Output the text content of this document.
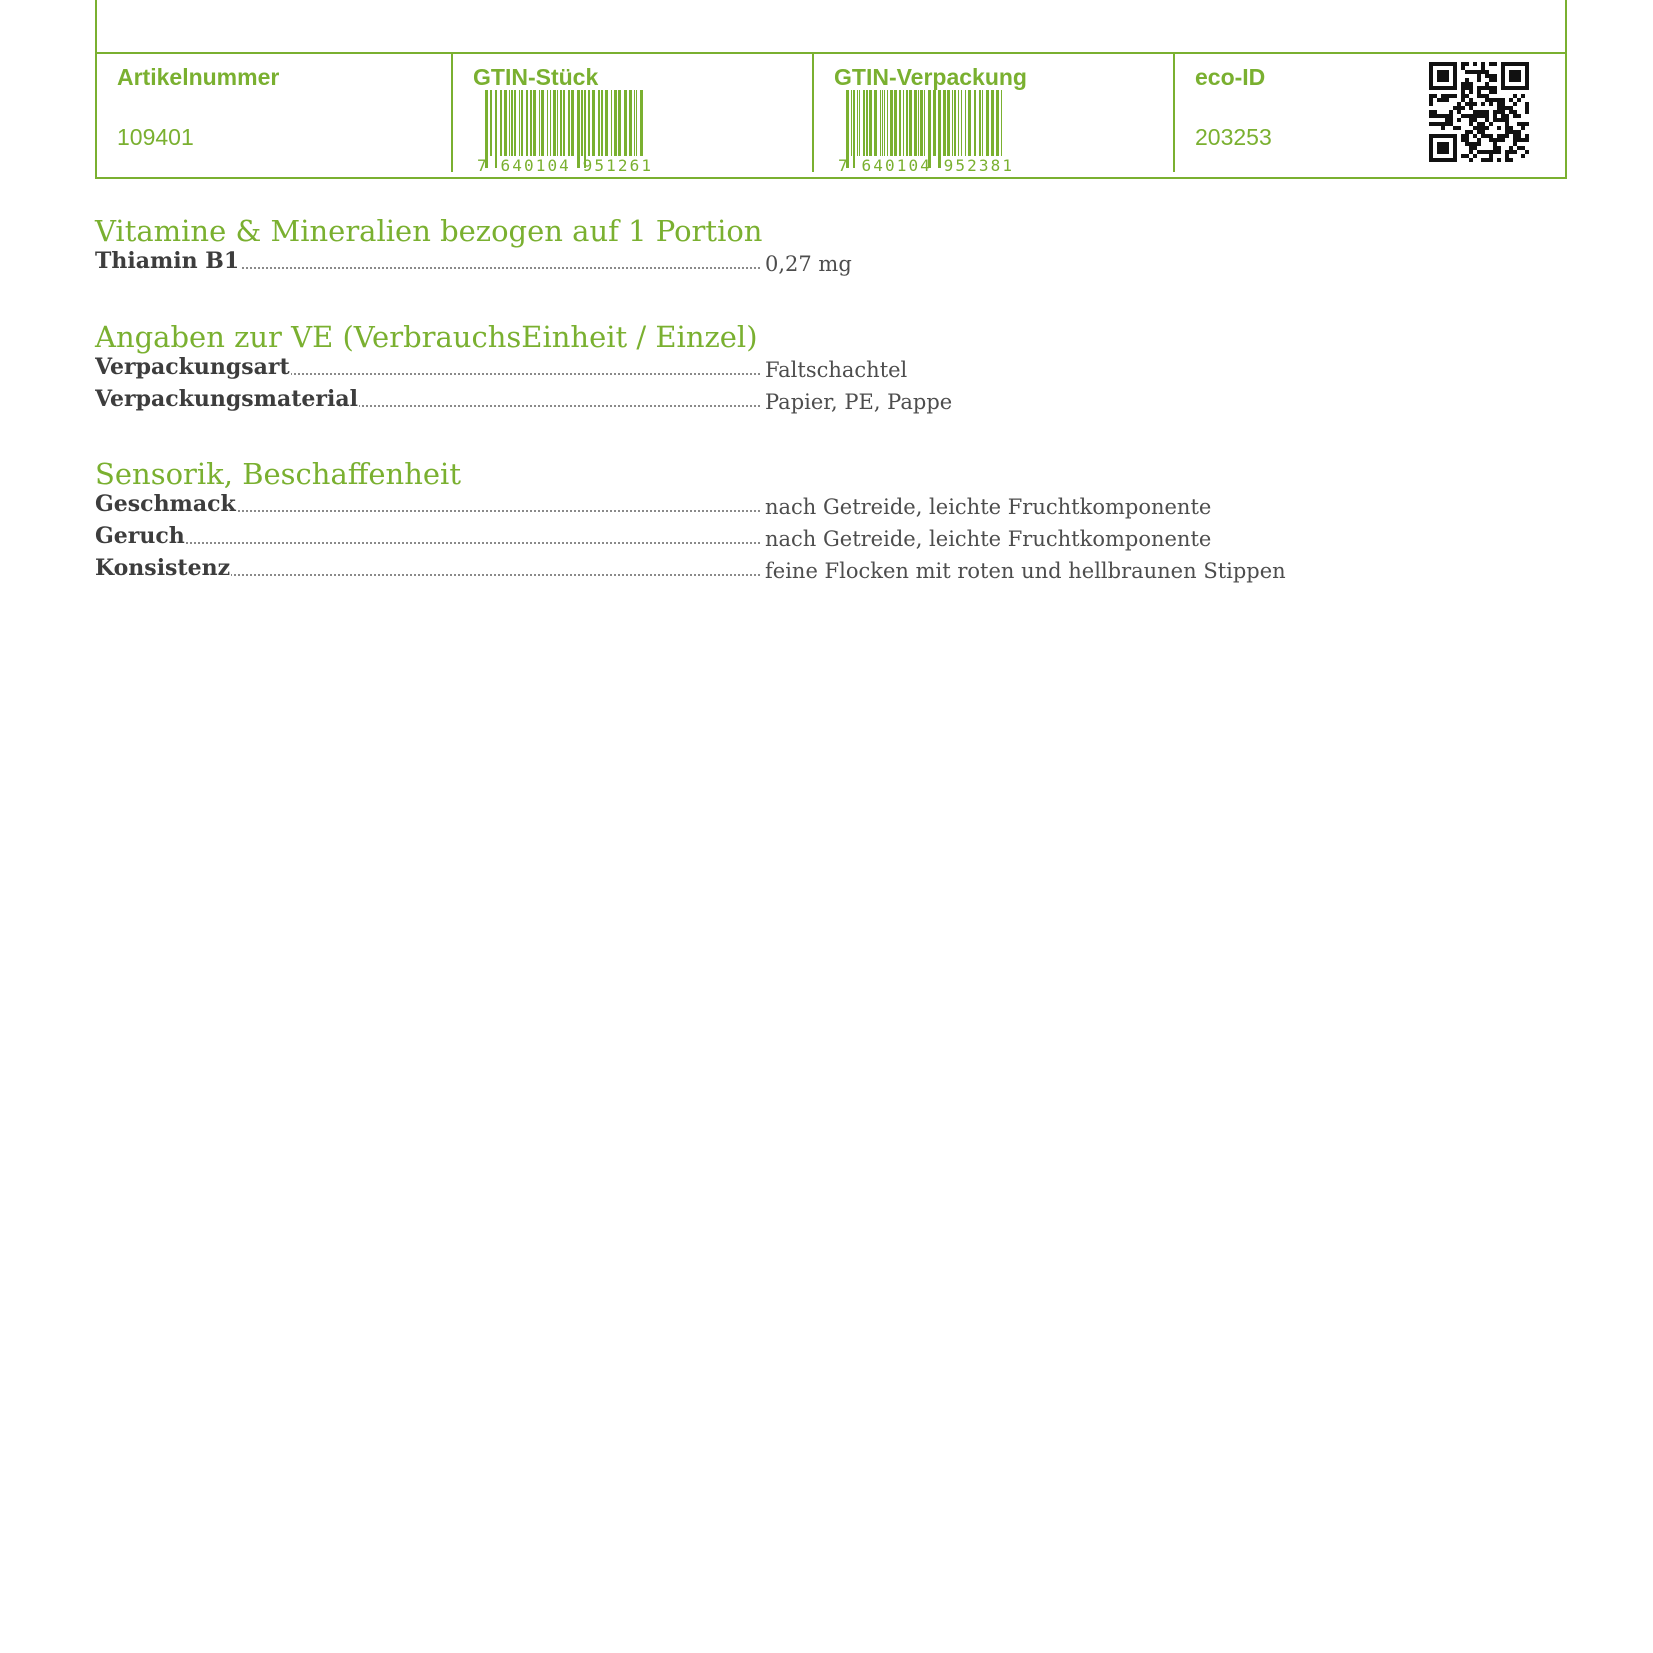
Artikelnummer
109401
GTIN-Stück
7 640104 951261
GTIN-Verpackung
7 640104 952381
eco-ID
203253
Vitamine & Mineralien bezogen auf 1 Portion
Thiamin B1	0,27 mg
Angaben zur VE (VerbrauchsEinheit / Einzel)
Verpackungsart	Faltschachtel
Verpackungsmaterial	Papier, PE, Pappe
Sensorik, Beschaffenheit
Geschmack	nach Getreide, leichte Fruchtkomponente
Geruch	nach Getreide, leichte Fruchtkomponente
Konsistenz	feine Flocken mit roten und hellbraunen Stippen
